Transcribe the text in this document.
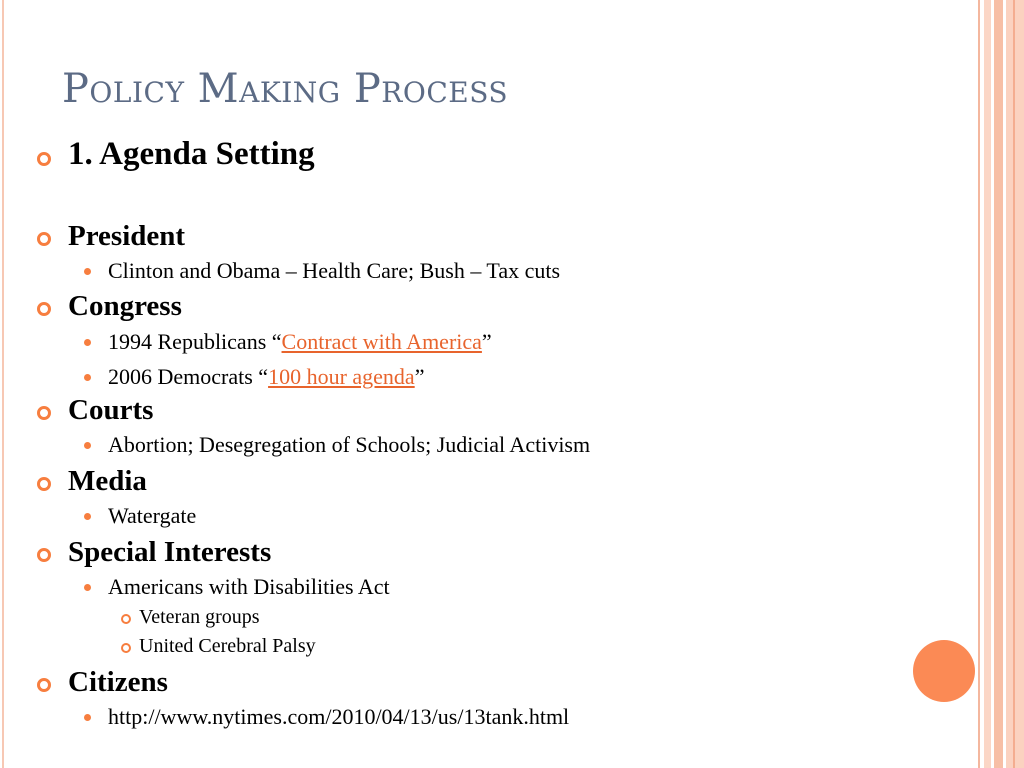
Policy Making Process
1. Agenda Setting
President
Clinton and Obama – Health Care; Bush – Tax cuts
Congress
1994 Republicans “Contract with America”
2006 Democrats “100 hour agenda”
Courts
Abortion; Desegregation of Schools; Judicial Activism
Media
Watergate
Special Interests
Americans with Disabilities Act
Veteran groups
United Cerebral Palsy
Citizens
http://www.nytimes.com/2010/04/13/us/13tank.html
